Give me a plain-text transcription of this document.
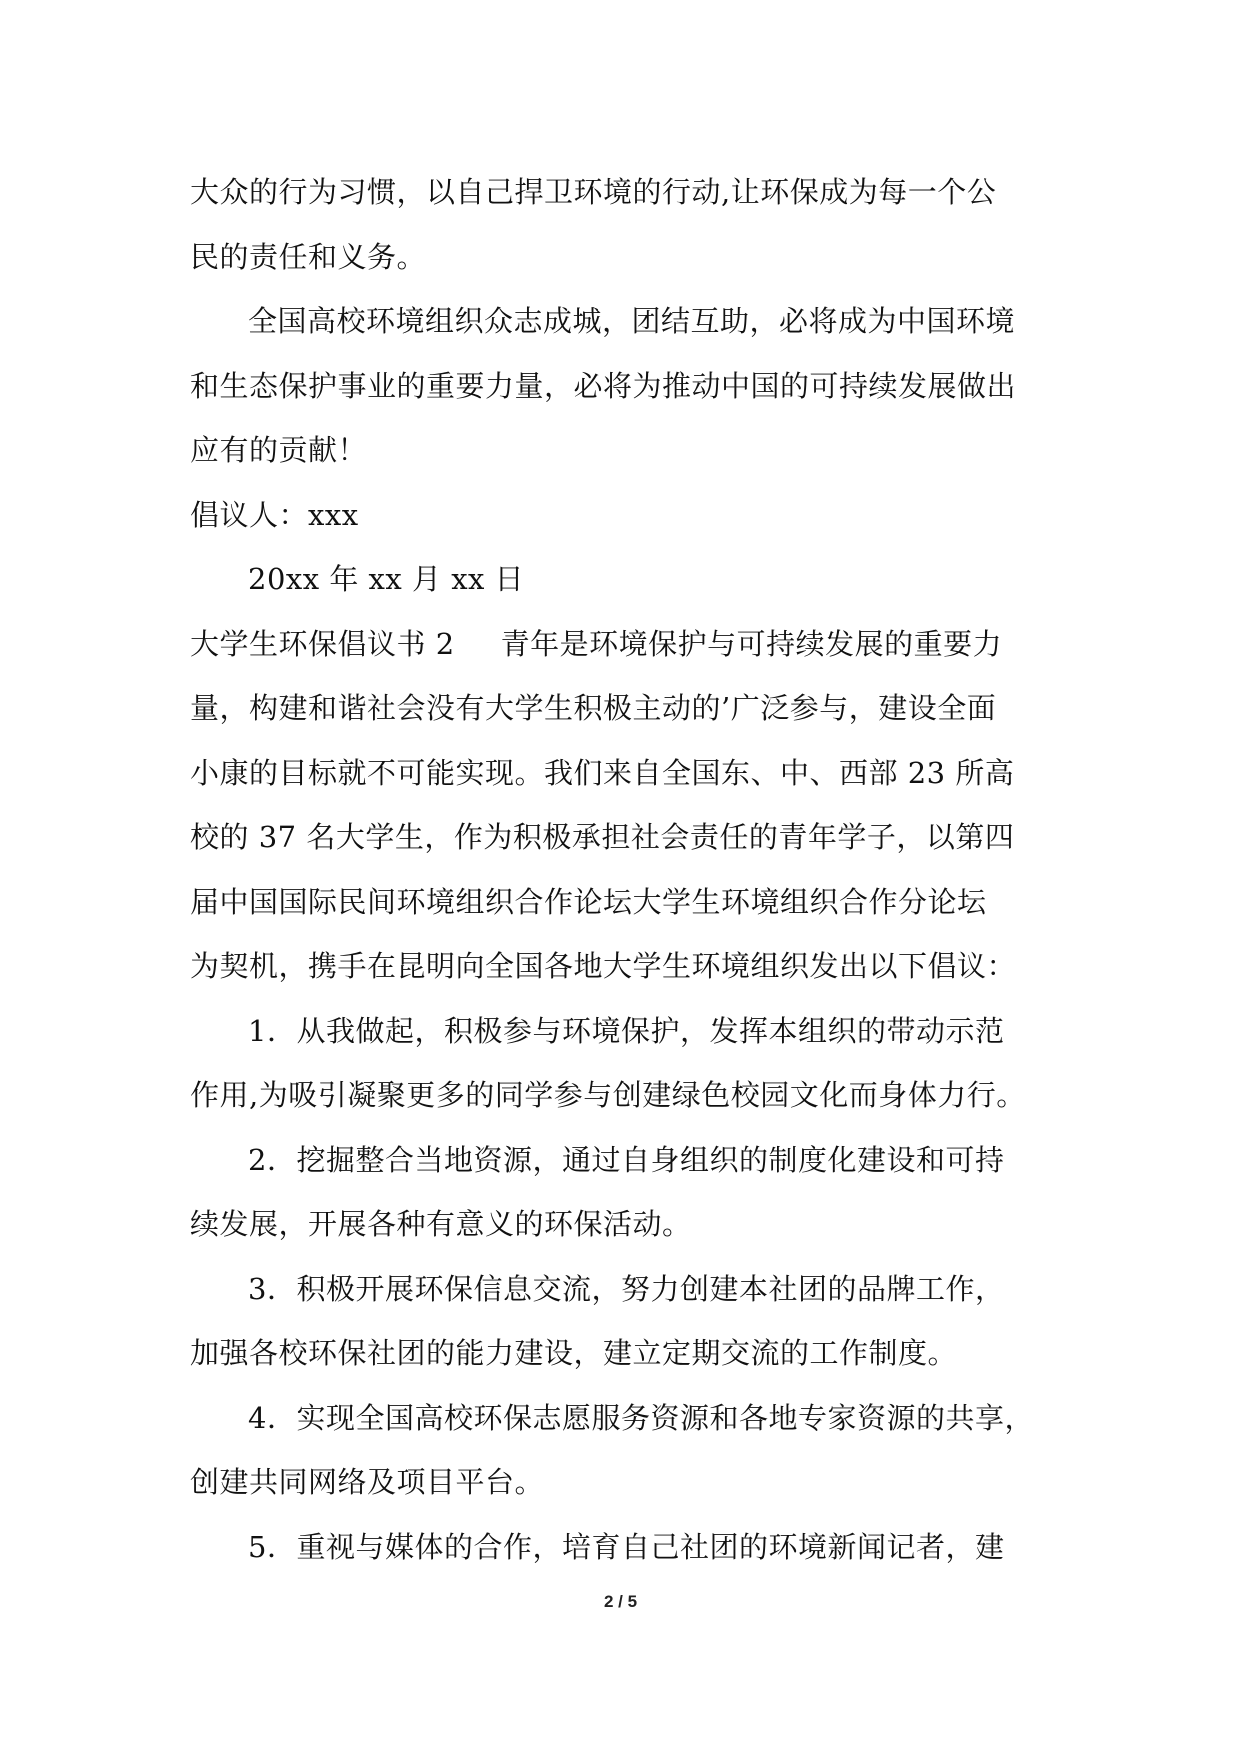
大众的行为习惯，以自己捍卫环境的行动,让环保成为每一个公
民的责任和义务。
全国高校环境组织众志成城，团结互助，必将成为中国环境
和生态保护事业的重要力量，必将为推动中国的可持续发展做出
应有的贡献！
倡议人：xxx
20xx 年 xx 月 xx 日
大学生环保倡议书 2 青年是环境保护与可持续发展的重要力
量，构建和谐社会没有大学生积极主动的’广泛参与，建设全面
小康的目标就不可能实现。我们来自全国东、中、西部 23 所高
校的 37 名大学生，作为积极承担社会责任的青年学子，以第四
届中国国际民间环境组织合作论坛大学生环境组织合作分论坛
为契机，携手在昆明向全国各地大学生环境组织发出以下倡议：
1．从我做起，积极参与环境保护，发挥本组织的带动示范
作用,为吸引凝聚更多的同学参与创建绿色校园文化而身体力行。
2．挖掘整合当地资源，通过自身组织的制度化建设和可持
续发展，开展各种有意义的环保活动。
3．积极开展环保信息交流，努力创建本社团的品牌工作，
加强各校环保社团的能力建设，建立定期交流的工作制度。
4．实现全国高校环保志愿服务资源和各地专家资源的共享，
创建共同网络及项目平台。
5．重视与媒体的合作，培育自己社团的环境新闻记者，建
2 / 5
